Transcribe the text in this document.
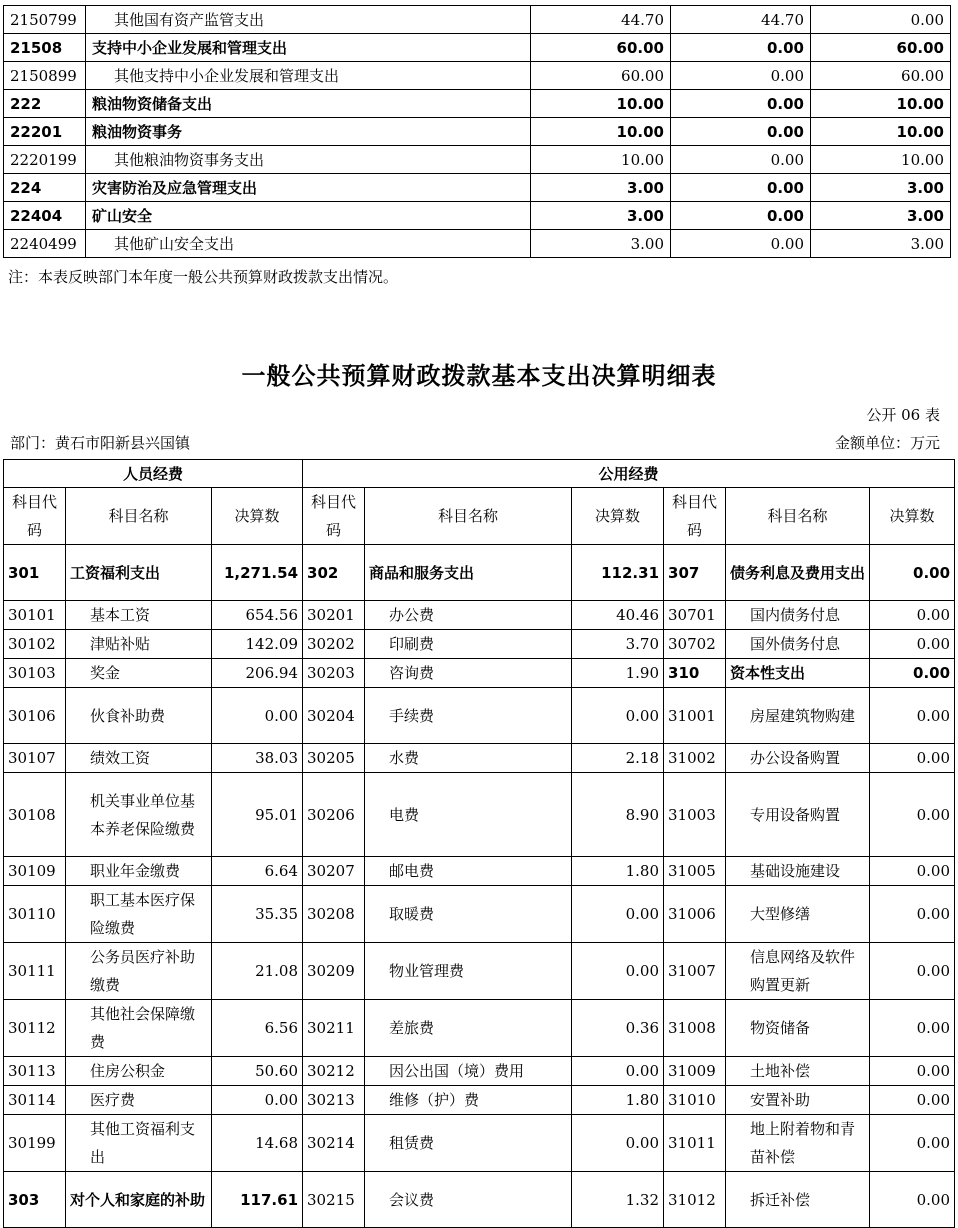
2150799	其他国有资产监管支出	44.70	44.70	0.00
21508	支持中小企业发展和管理支出	60.00	0.00	60.00
2150899	其他支持中小企业发展和管理支出	60.00	0.00	60.00
222	粮油物资储备支出	10.00	0.00	10.00
22201	粮油物资事务	10.00	0.00	10.00
2220199	其他粮油物资事务支出	10.00	0.00	10.00
224	灾害防治及应急管理支出	3.00	0.00	3.00
22404	矿山安全	3.00	0.00	3.00
2240499	其他矿山安全支出	3.00	0.00	3.00
注：本表反映部门本年度一般公共预算财政拨款支出情况。
一般公共预算财政拨款基本支出决算明细表
公开 06 表
部门：黄石市阳新县兴国镇	金额单位：万元
人员经费			公用经费					
科目代码	科目名称	决算数	科目代码	科目名称	决算数	科目代码	科目名称	决算数
301	工资福利支出	1,271.54	302	商品和服务支出	112.31	307	债务利息及费用支出	0.00
30101	基本工资	654.56	30201	办公费	40.46	30701	国内债务付息	0.00
30102	津贴补贴	142.09	30202	印刷费	3.70	30702	国外债务付息	0.00
30103	奖金	206.94	30203	咨询费	1.90	310	资本性支出	0.00
30106	伙食补助费	0.00	30204	手续费	0.00	31001	房屋建筑物购建	0.00
30107	绩效工资	38.03	30205	水费	2.18	31002	办公设备购置	0.00
30108	机关事业单位基本养老保险缴费	95.01	30206	电费	8.90	31003	专用设备购置	0.00
30109	职业年金缴费	6.64	30207	邮电费	1.80	31005	基础设施建设	0.00
30110	职工基本医疗保险缴费	35.35	30208	取暖费	0.00	31006	大型修缮	0.00
30111	公务员医疗补助缴费	21.08	30209	物业管理费	0.00	31007	信息网络及软件购置更新	0.00
30112	其他社会保障缴费	6.56	30211	差旅费	0.36	31008	物资储备	0.00
30113	住房公积金	50.60	30212	因公出国（境）费用	0.00	31009	土地补偿	0.00
30114	医疗费	0.00	30213	维修（护）费	1.80	31010	安置补助	0.00
30199	其他工资福利支出	14.68	30214	租赁费	0.00	31011	地上附着物和青苗补偿	0.00
303	对个人和家庭的补助	117.61	30215	会议费	1.32	31012	拆迁补偿	0.00
